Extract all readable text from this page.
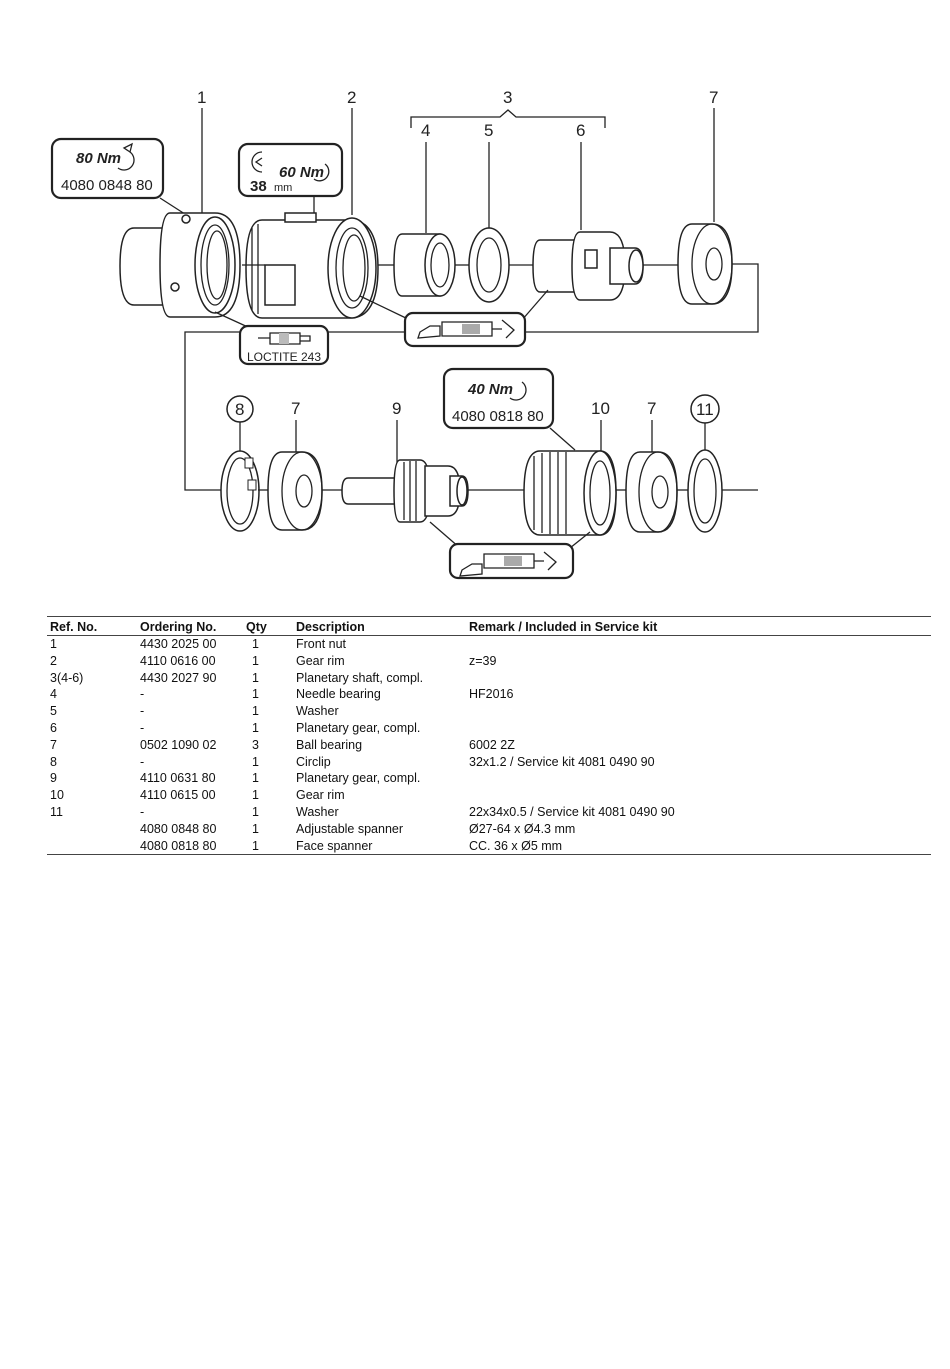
1	2	3
4	5	6
7
80 Nm
4080 0848 80
60 Nm
38 mm
LOCTITE 243
8	7	9	10 7 11
40 Nm
4080 0818 80
Ref. No.	Ordering No.	Qty	Description	Remark / Included in Service kit
1	4430 2025 00	1	Front nut	
2	4110 0616 00	1	Gear rim	z=39
3(4-6)	4430 2027 90	1	Planetary shaft, compl.	
4	-	1	Needle bearing	HF2016
5	-	1	Washer	
6	-	1	Planetary gear, compl.	
7	0502 1090 02	3	Ball bearing	6002 2Z
8	-	1	Circlip	32x1.2 / Service kit 4081 0490 90
9	4110 0631 80	1	Planetary gear, compl.	
10	4110 0615 00	1	Gear rim	
11	-	1	Washer	22x34x0.5 / Service kit 4081 0490 90
	4080 0848 80	1	Adjustable spanner	Ø27-64 x Ø4.3 mm
	4080 0818 80	1	Face spanner	CC. 36 x Ø5 mm
